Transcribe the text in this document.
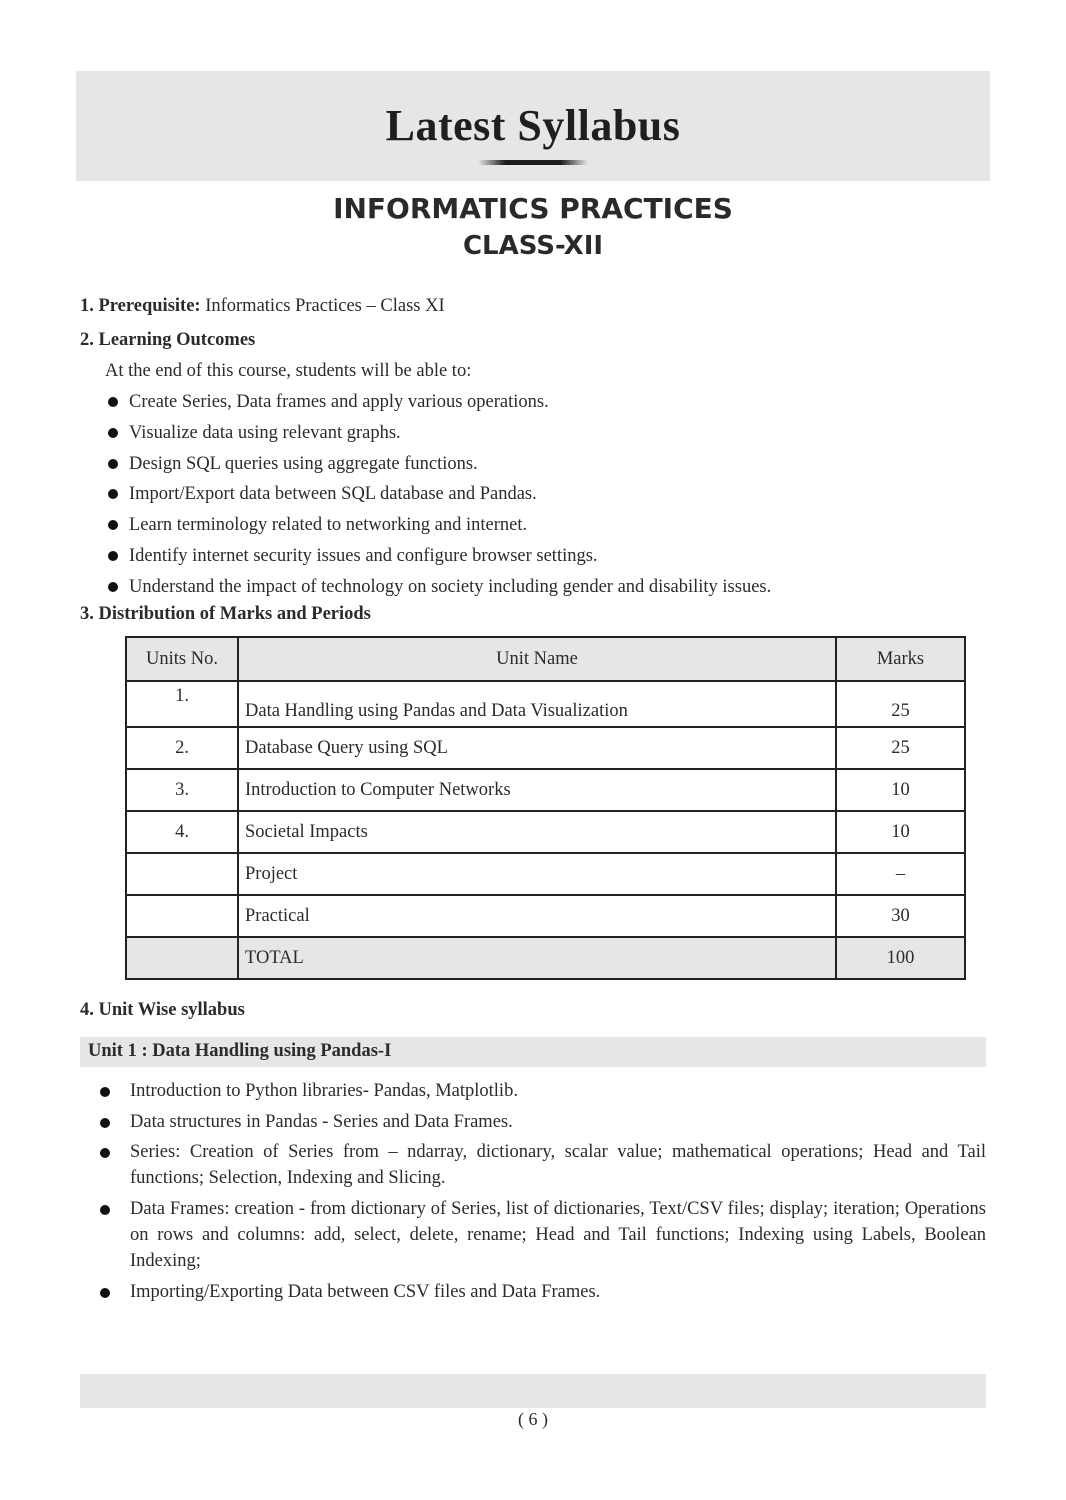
Latest Syllabus
INFORMATICS PRACTICES
CLASS-XII
1. Prerequisite: Informatics Practices – Class XI
2. Learning Outcomes
At the end of this course, students will be able to:
Create Series, Data frames and apply various operations.
Visualize data using relevant graphs.
Design SQL queries using aggregate functions.
Import/Export data between SQL database and Pandas.
Learn terminology related to networking and internet.
Identify internet security issues and configure browser settings.
Understand the impact of technology on society including gender and disability issues.
3. Distribution of Marks and Periods
Units No.	Unit Name	Marks
1.	Data Handling using Pandas and Data Visualization	25
2.	Database Query using SQL	25
3.	Introduction to Computer Networks	10
4.	Societal Impacts	10
	Project	–
	Practical	30
	TOTAL	100
4. Unit Wise syllabus
Unit 1 : Data Handling using Pandas-I
Introduction to Python libraries- Pandas, Matplotlib.
Data structures in Pandas - Series and Data Frames.
Series: Creation of Series from – ndarray, dictionary, scalar value; mathematical operations; Head and Tail functions; Selection, Indexing and Slicing.
Data Frames: creation - from dictionary of Series, list of dictionaries, Text/CSV files; display; iteration; Operations on rows and columns: add, select, delete, rename; Head and Tail functions; Indexing using Labels, Boolean Indexing;
Importing/Exporting Data between CSV files and Data Frames.
( 6 )
